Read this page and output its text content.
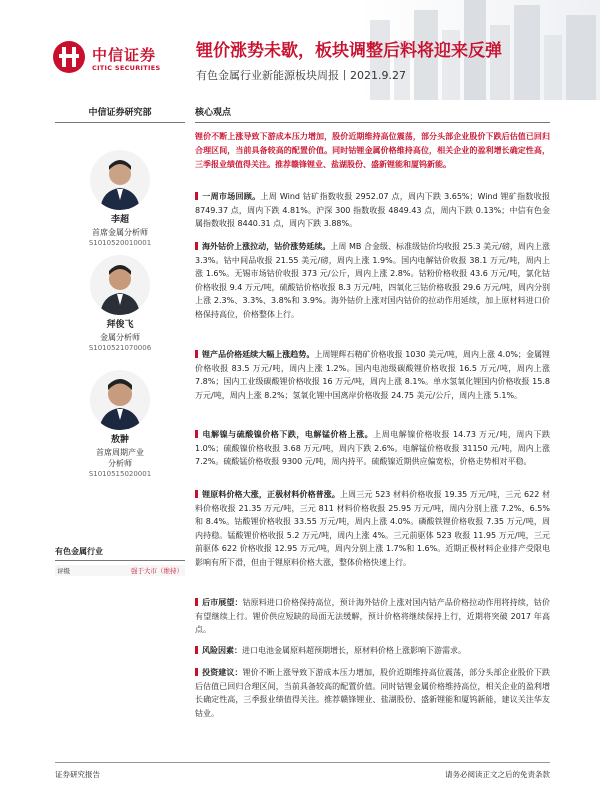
中信证券
CITIC SECURITIES
锂价涨势未歇，板块调整后料将迎来反弹
有色金属行业新能源板块周报丨2021.9.27
中信证券研究部
李超
首席金属分析师
S1010520010001
拜俊飞
金属分析师
S1010521070006
敖翀
首席周期产业
分析师
S1010515020001
有色金属行业
评级	强于大市（维持）
核心观点
锂价不断上涨导致下游成本压力增加，股价近期维持高位震荡，部分头部企业股价下跌后估值已回归合理区间，当前具备较高的配置价值。同时钴锂金属价格维持高位，相关企业的盈利增长确定性高，三季报业绩值得关注。推荐赣锋锂业、盐湖股份、盛新锂能和厦钨新能。
一周市场回顾。上周 Wind 钴矿指数收报 2952.07 点，周内下跌 3.65%；Wind 锂矿指数收报 8749.37 点，周内下跌 4.81%。沪深 300 指数收报 4849.43 点，周内下跌 0.13%；中信有色金属指数收报 8440.31 点，周内下跌 3.88%。
海外钴价上涨拉动，钴价涨势延续。上周 MB 合金级、标准级钴价均收报 25.3 美元/磅，周内上涨 3.3%。钴中间品收报 21.55 美元/磅，周内上涨 1.9%。国内电解钴价收报 38.1 万元/吨，周内上涨 1.6%。无锡市场钴价收报 373 元/公斤，周内上涨 2.8%。钴粉价格收报 43.6 万元/吨，氯化钴价格收报 9.4 万元/吨，硫酸钴价格收报 8.3 万元/吨，四氧化三钴价格收报 29.6 万元/吨，周内分别上涨 2.3%、3.3%、3.8%和 3.9%。海外钴价上涨对国内钴价的拉动作用延续，加上原材料进口价格保持高位，价格整体上行。
锂产品价格延续大幅上涨趋势。上周锂辉石精矿价格收报 1030 美元/吨，周内上涨 4.0%；金属锂价格收报 83.5 万元/吨，周内上涨 1.2%。国内电池级碳酸锂价格收报 16.5 万元/吨，周内上涨 7.8%；国内工业级碳酸锂价格收报 16 万元/吨，周内上涨 8.1%。单水氢氧化锂国内价格收报 15.8 万元/吨，周内上涨 8.2%；氢氧化锂中国离岸价格收报 24.75 美元/公斤，周内上涨 5.1%。
电解镍与硫酸镍价格下跌，电解锰价格上涨。上周电解镍价格收报 14.73 万元/吨，周内下跌 1.0%；硫酸镍价格收报 3.68 万元/吨，周内下跌 2.6%。电解锰价格收报 31150 元/吨，周内上涨 7.2%。硫酸锰价格收报 9300 元/吨，周内持平。硫酸镍近期供应偏宽松，价格走势相对平稳。
锂原料价格大涨，正极材料价格普涨。上周三元 523 材料价格收报 19.35 万元/吨，三元 622 材料价格收报 21.35 万元/吨，三元 811 材料价格收报 25.95 万元/吨，周内分别上涨 7.2%、6.5%和 8.4%。钴酸锂价格收报 33.55 万元/吨，周内上涨 4.0%。磷酸铁锂价格收报 7.35 万元/吨，周内持稳。锰酸锂价格收报 5.2 万元/吨，周内上涨 4%。三元前驱体 523 收报 11.95 万元/吨，三元前驱体 622 价格收报 12.95 万元/吨，周内分别上涨 1.7%和 1.6%。近期正极材料企业排产受限电影响有所下滑，但由于锂原料价格大涨，整体价格快速上行。
后市展望：钴原料进口价格保持高位，预计海外钴价上涨对国内钴产品价格拉动作用将持续，钴价有望继续上行。锂价供应短缺的局面无法缓解，预计价格将继续保持上行，近期将突破 2017 年高点。
风险因素：进口电池金属原料超预期增长，原材料价格上涨影响下游需求。
投资建议：锂价不断上涨导致下游成本压力增加，股价近期维持高位震荡，部分头部企业股价下跌后估值已回归合理区间，当前具备较高的配置价值。同时钴锂金属价格维持高位，相关企业的盈利增长确定性高，三季报业绩值得关注。推荐赣锋锂业、盐湖股份、盛新锂能和厦钨新能，建议关注华友钴业。
证券研究报告	请务必阅读正文之后的免责条款
